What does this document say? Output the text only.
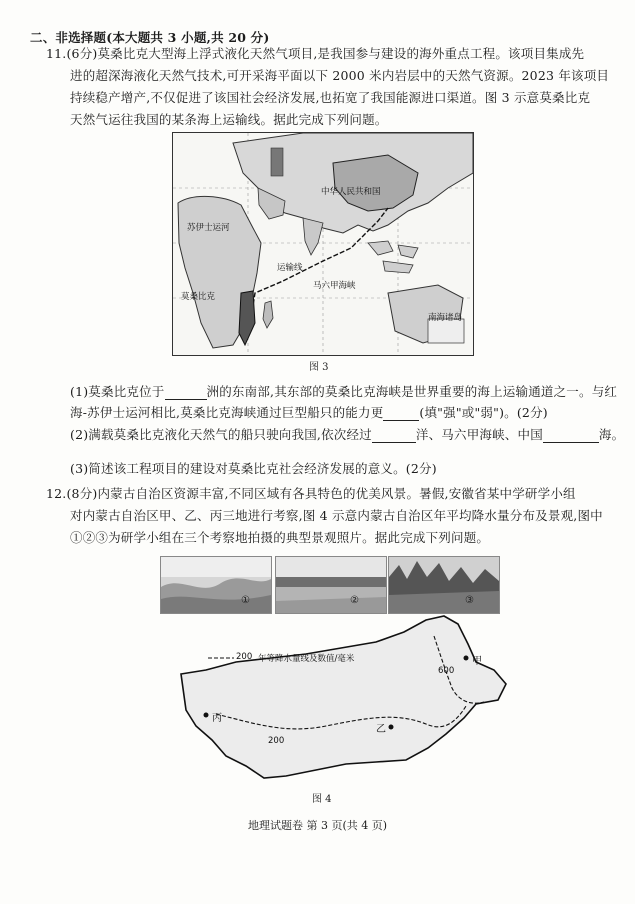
二、非选择题(本大题共 3 小题,共 20 分)
11.(6分)莫桑比克大型海上浮式液化天然气项目,是我国参与建设的海外重点工程。该项目集成先
进的超深海液化天然气技术,可开采海平面以下 2000 米内岩层中的天然气资源。2023 年该项目
持续稳产增产,不仅促进了该国社会经济发展,也拓宽了我国能源进口渠道。图 3 示意莫桑比克
天然气运往我国的某条海上运输线。据此完成下列问题。
中华人民共和国
苏伊士运河
莫桑比克
马六甲海峡
运输线
南海诸岛
图 3
(1)莫桑比克位于	洲的东南部,其东部的莫桑比克海峡是世界重要的海上运输通道之一。与红
海-苏伊士运河相比,莫桑比克海峡通过巨型船只的能力更	(填"强"或"弱")。(2分)
(2)满载莫桑比克液化天然气的船只驶向我国,依次经过	洋、马六甲海峡、中国	海。
(3)简述该工程项目的建设对莫桑比克社会经济发展的意义。(2分)
12.(8分)内蒙古自治区资源丰富,不同区域有各具特色的优美风景。暑假,安徽省某中学研学小组
对内蒙古自治区甲、乙、丙三地进行考察,图 4 示意内蒙古自治区年平均降水量分布及景观,图中
①②③为研学小组在三个考察地拍摄的典型景观照片。据此完成下列问题。
①	②	③
200 年等降水量线及数值/毫米
600
200
甲
乙
丙
图 4
地理试题卷 第 3 页(共 4 页)
